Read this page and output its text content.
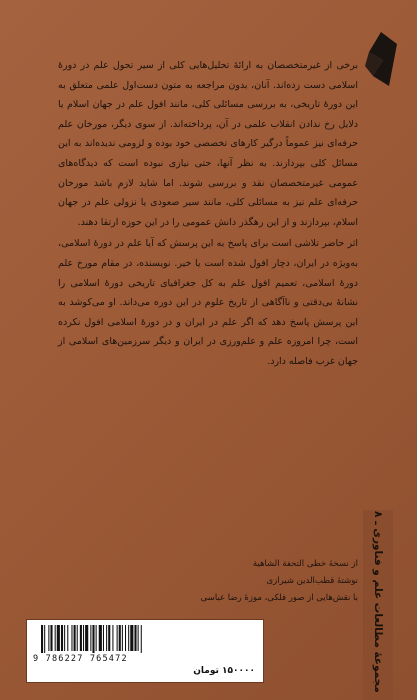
برخی از غیرمتخصصان به ارائهٔ تحلیل‌هایی کلی از سیر تحول علم در دورهٔ اسلامی دست زده‌اند. آنان، بدون مراجعه به متون دست‌اول علمی متعلق به این دورهٔ تاریخی، به بررسی مسائلی کلی، مانند افول علم در جهان اسلام یا دلایل رخ ندادن انقلاب علمی در آن، پرداخته‌اند. از سوی دیگر، مورخان علم حرفه‌ای نیز عموماً درگیر کارهای تخصصی خود بوده و لزومی ندیده‌اند به این مسائل کلی بپردازند. به نظر آنها، حتی نیازی نبوده است که دیدگاه‌های عمومی غیرمتخصصان نقد و بررسی شوند. اما شاید لازم باشد مورخان حرفه‌ای علم نیز به مسائلی کلی، مانند سیر صعودی یا نزولی علم در جهان اسلام، بپردازند و از این رهگذر دانش عمومی را در این حوزه ارتقا دهند.

اثر حاضر تلاشی است برای پاسخ به این پرسش که آیا علم در دورهٔ اسلامی، به‌ویژه در ایران، دچار افول شده است یا خیر. نویسنده، در مقام مورخ علم دورهٔ اسلامی، تعمیم افول علم به کل جغرافیای تاریخی دورهٔ اسلامی را نشانهٔ بی‌دقتی و ناآگاهی از تاریخ علوم در این دوره می‌داند. او می‌کوشد به این پرسش پاسخ دهد که اگر علم در ایران و در دورهٔ اسلامی افول نکرده است، چرا امروزه علم و علم‌ورزی در ایران و دیگر سرزمین‌های اسلامی از جهان غرب فاصله دارد.

مجموعهٔ مطالعات علم و فناوری ـ ۸
از نسخهٔ خطی التحفة الشاهیة
نوشتهٔ قطب‌الدین شیرازی
با نقش‌هایی از صور فلکی، موزهٔ رضا عباسی
9 786227 765472
۱۵۰۰۰۰ تومان
